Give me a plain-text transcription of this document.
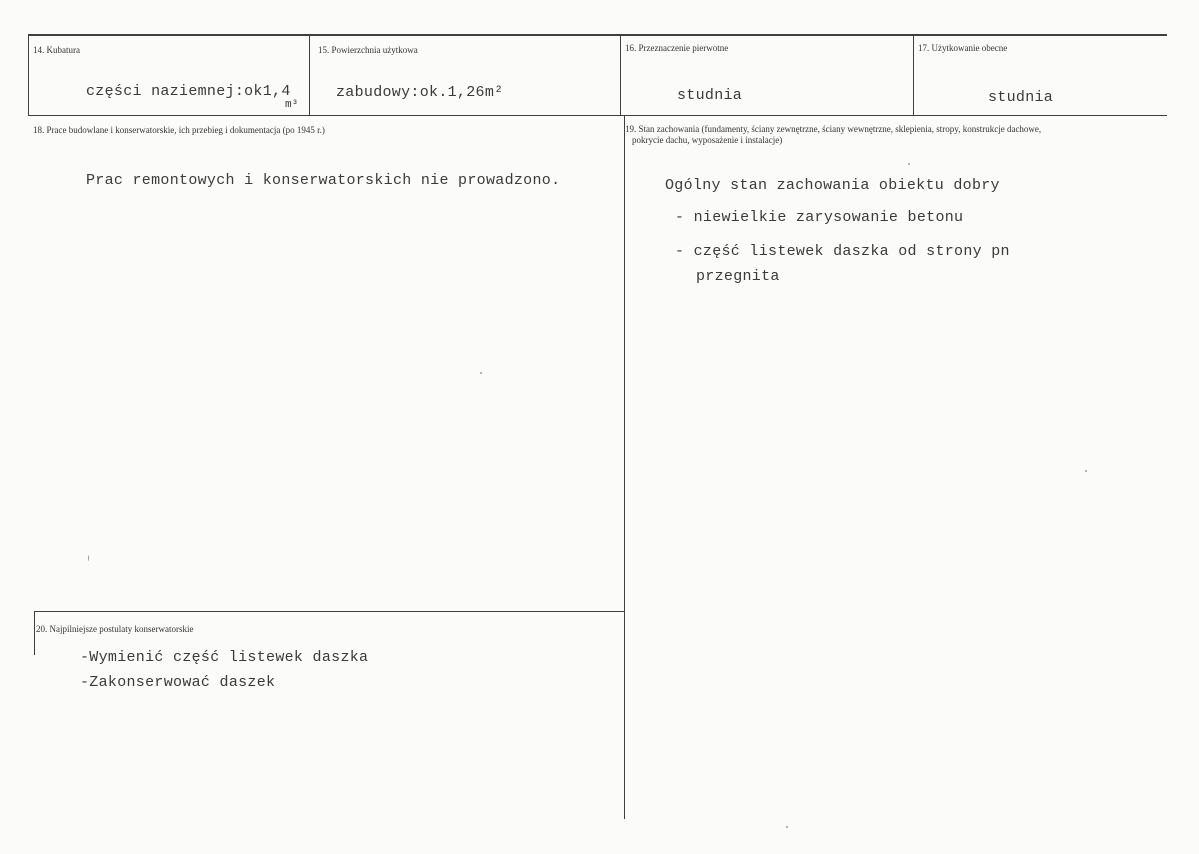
14. Kubatura
części naziemnej:ok1,4
m³
15. Powierzchnia użytkowa
zabudowy:ok.1,26m²
16. Przeznaczenie pierwotne
studnia
17. Użytkowanie obecne
studnia
18. Prace budowlane i konserwatorskie, ich przebieg i dokumentacja (po 1945 r.)
Prac remontowych i konserwatorskich nie prowadzono.
19. Stan zachowania (fundamenty, ściany zewnętrzne, ściany wewnętrzne, sklepienia, stropy, konstrukcje dachowe,
pokrycie dachu, wyposażenie i instalacje)
Ogólny stan zachowania obiektu dobry
- niewielkie zarysowanie betonu
- część listewek daszka od strony pn
przegnita
20. Najpilniejsze postulaty konserwatorskie
-Wymienić część listewek daszka
-Zakonserwować daszek
